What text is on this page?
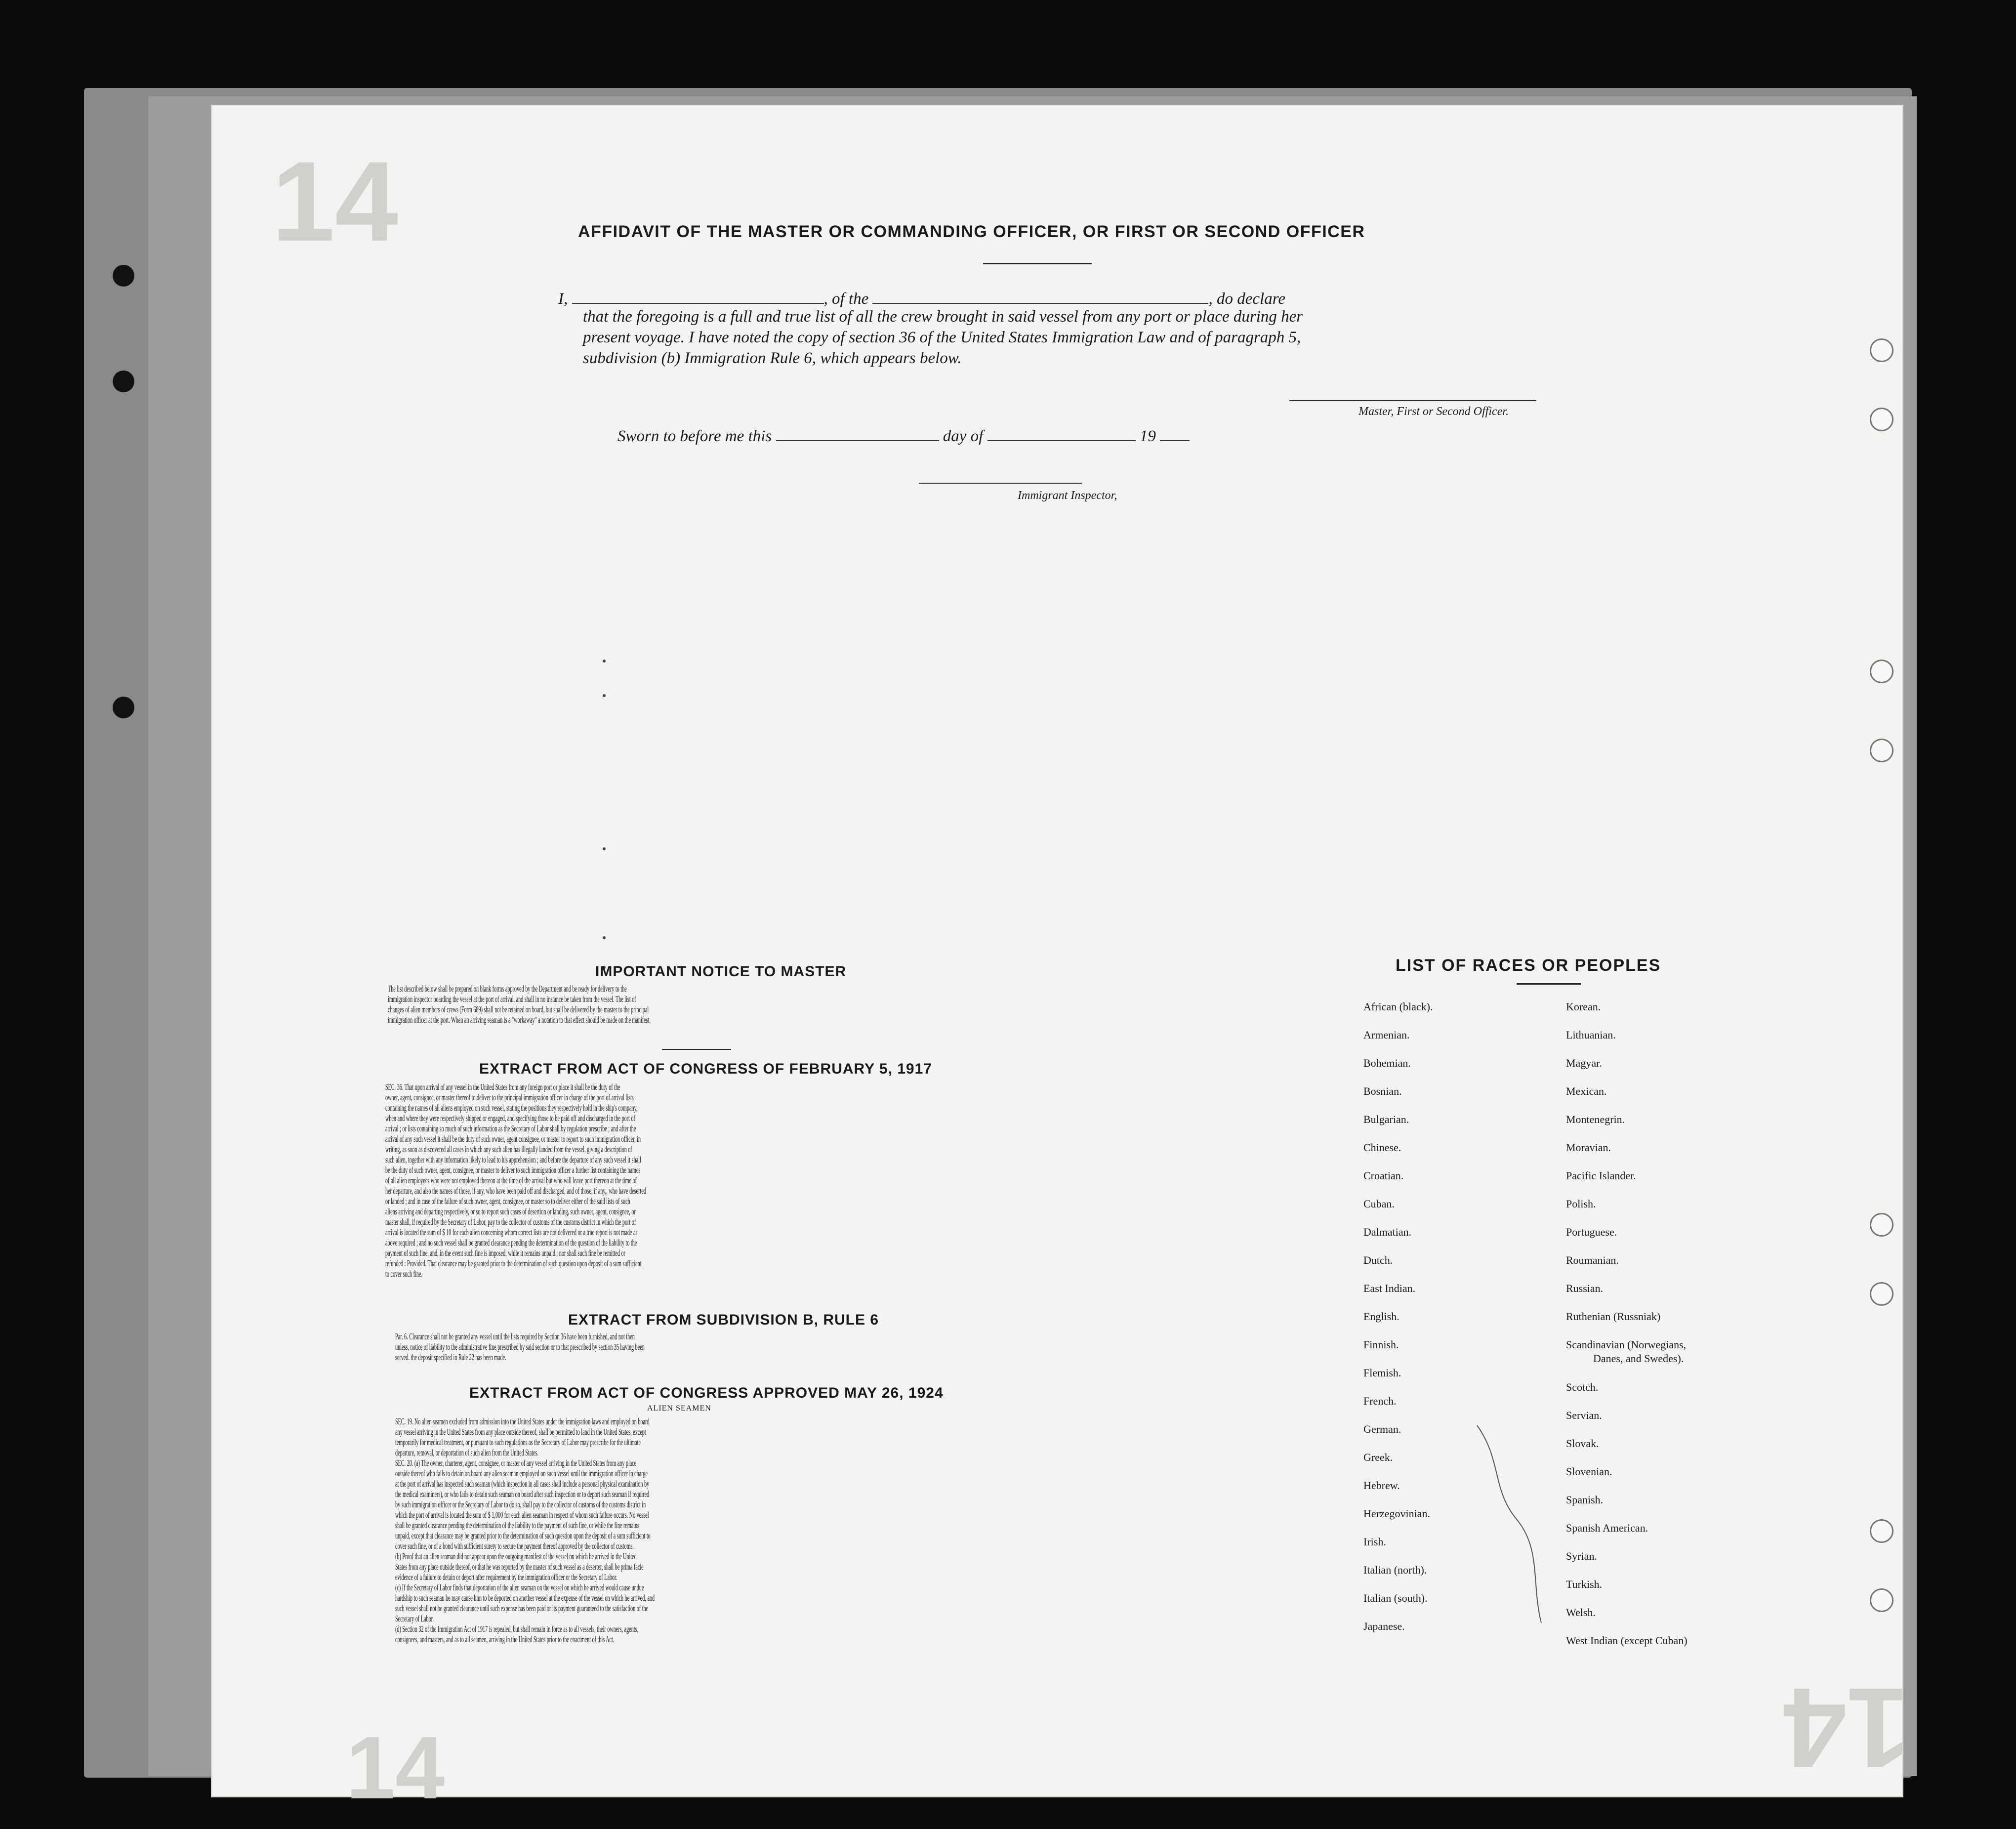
14
14
14
AFFIDAVIT OF THE MASTER OR COMMANDING OFFICER, OR FIRST OR SECOND OFFICER
I,	, of the	, do declare
that the foregoing is a full and true list of all the crew brought in said vessel from any port or place during her
present voyage. I have noted the copy of section 36 of the United States Immigration Law and of paragraph 5,
subdivision (b) Immigration Rule 6, which appears below.
Master, First or Second Officer.
Sworn to before me this	day of	19
Immigrant Inspector,
IMPORTANT NOTICE TO MASTER
The list described below shall be prepared on blank forms approved by the Department and be ready for delivery to the
immigration inspector boarding the vessel at the port of arrival, and shall in no instance be taken from the vessel. The list of
changes of alien members of crews (Form 689) shall not be retained on board, but shall be delivered by the master to the principal
immigration officer at the port. When an arriving seaman is a "workaway" a notation to that effect should be made on the manifest.
EXTRACT FROM ACT OF CONGRESS OF FEBRUARY 5, 1917
SEC. 36. That upon arrival of any vessel in the United States from any foreign port or place it shall be the duty of the
owner, agent, consignee, or master thereof to deliver to the principal immigration officer in charge of the port of arrival lists
containing the names of all aliens employed on such vessel, stating the positions they respectively hold in the ship's company,
when and where they were respectively shipped or engaged, and specifying those to be paid off and discharged in the port of
arrival ; or lists containing so much of such information as the Secretary of Labor shall by regulation prescribe ; and after the
arrival of any such vessel it shall be the duty of such owner, agent consignee, or master to report to such immigration officer, in
writing, as soon as discovered all cases in which any such alien has illegally landed from the vessel, giving a description of
such alien, together with any information likely to lead to his apprehension ; and before the departure of any such vessel it shall
be the duty of such owner, agent, consignee, or master to deliver to such immigration officer a further list containing the names
of all alien employees who were not employed thereon at the time of the arrival but who will leave port thereon at the time of
her departure, and also the names of those, if any, who have been paid off and discharged, and of those, if any,, who have deserted
or landed ; and in case of the failure of such owner, agent, consignee, or master so to deliver either of the said lists of such
aliens arriving and departing respectively, or so to report such cases of desertion or landing, such owner, agent, consignee, or
master shall, if required by the Secretary of Labor, pay to the collector of customs of the customs district in which the port of
arrival is located the sum of $ 10 for each alien concerning whom correct lists are not delivered or a true report is not made as
above required ; and no such vessel shall be granted clearance pending the determination of the question of the liability to the
payment of such fine, and, in the event such fine is imposed, while it remains unpaid ; nor shall such fine be remitted or
refunded : Provided. That clearance may be granted prior to the determination of such question upon deposit of a sum sufficient
to cover such fine.
EXTRACT FROM SUBDIVISION B, RULE 6
Par. 6. Clearance shall not be granted any vessel until the lists required by Section 36 have been furnished, and not then
unless, notice of liability to the administrative fine prescribed by said section or to that prescribed by section 35 having been
served. the deposit specified in Rule 22 has been made.
EXTRACT FROM ACT OF CONGRESS APPROVED MAY 26, 1924
ALIEN SEAMEN
SEC. 19. No alien seamen excluded from admission into the United States under the immigration laws and employed on board
any vessel arriving in the United States from any place outside thereof, shall be permitted to land in the United States, except
temporarily for medical treatment, or pursuant to such regulations as the Secretary of Labor may prescribe for the ultimate
departure, removal, or deportation of such alien from the United States.
SEC. 20. (a) The owner, charterer, agent, consignee, or master of any vessel arriving in the United States from any place
outside thereof who fails to detain on board any alien seaman employed on such vessel until the immigration officer in charge
at the port of arrival has inspected such seaman (which inspection in all cases shall include a personal physical examination by
the medical examiners), or who fails to detain such seaman on board after such inspection or to deport such seaman if required
by such immigration officer or the Secretary of Labor to do so, shall pay to the collector of customs of the customs district in
which the port of arrival is located the sum of $ 1,000 for each alien seaman in respect of whom such failure occurs. No vessel
shall be granted clearance pending the determination of the liability to the payment of such fine, or while the fine remains
unpaid, except that clearance may be granted prior to the determination of such question upon the deposit of a sum sufficient to
cover such fine, or of a bond with sufficient surety to secure the payment thereof approved by the collector of customs.
(b) Proof that an alien seaman did not appear upon the outgoing manifest of the vessel on which he arrived in the United
States from any place outside thereof, or that he was reported by the master of such vessel as a deserter, shall be prima facie
evidence of a failure to detain or deport after requirement by the immigration officer or the Secretary of Labor.
(c) If the Secretary of Labor finds that deportation of the alien seaman on the vessel on which he arrived would cause undue
hardship to such seaman he may cause him to be deported on another vessel at the expense of the vessel on which he arrived, and
such vessel shall not be granted clearance until such expense has been paid or its payment guaranteed to the satisfaction of the
Secretary of Labor.
(d) Section 32 of the Immigration Act of 1917 is repealed, but shall remain in force as to all vessels, their owners, agents,
consignees, and masters, and as to all seamen, arriving in the United States prior to the enactment of this Act.
LIST OF RACES OR PEOPLES
African (black).
Armenian.
Bohemian.
Bosnian.
Bulgarian.
Chinese.
Croatian.
Cuban.
Dalmatian.
Dutch.
East Indian.
English.
Finnish.
Flemish.
French.
German.
Greek.
Hebrew.
Herzegovinian.
Irish.
Italian (north).
Italian (south).
Japanese.
Korean.
Lithuanian.
Magyar.
Mexican.
Montenegrin.
Moravian.
Pacific Islander.
Polish.
Portuguese.
Roumanian.
Russian.
Ruthenian (Russniak)
Scandinavian (Norwegians,
Danes, and Swedes).
Scotch.
Servian.
Slovak.
Slovenian.
Spanish.
Spanish American.
Syrian.
Turkish.
Welsh.
West Indian (except Cuban)
